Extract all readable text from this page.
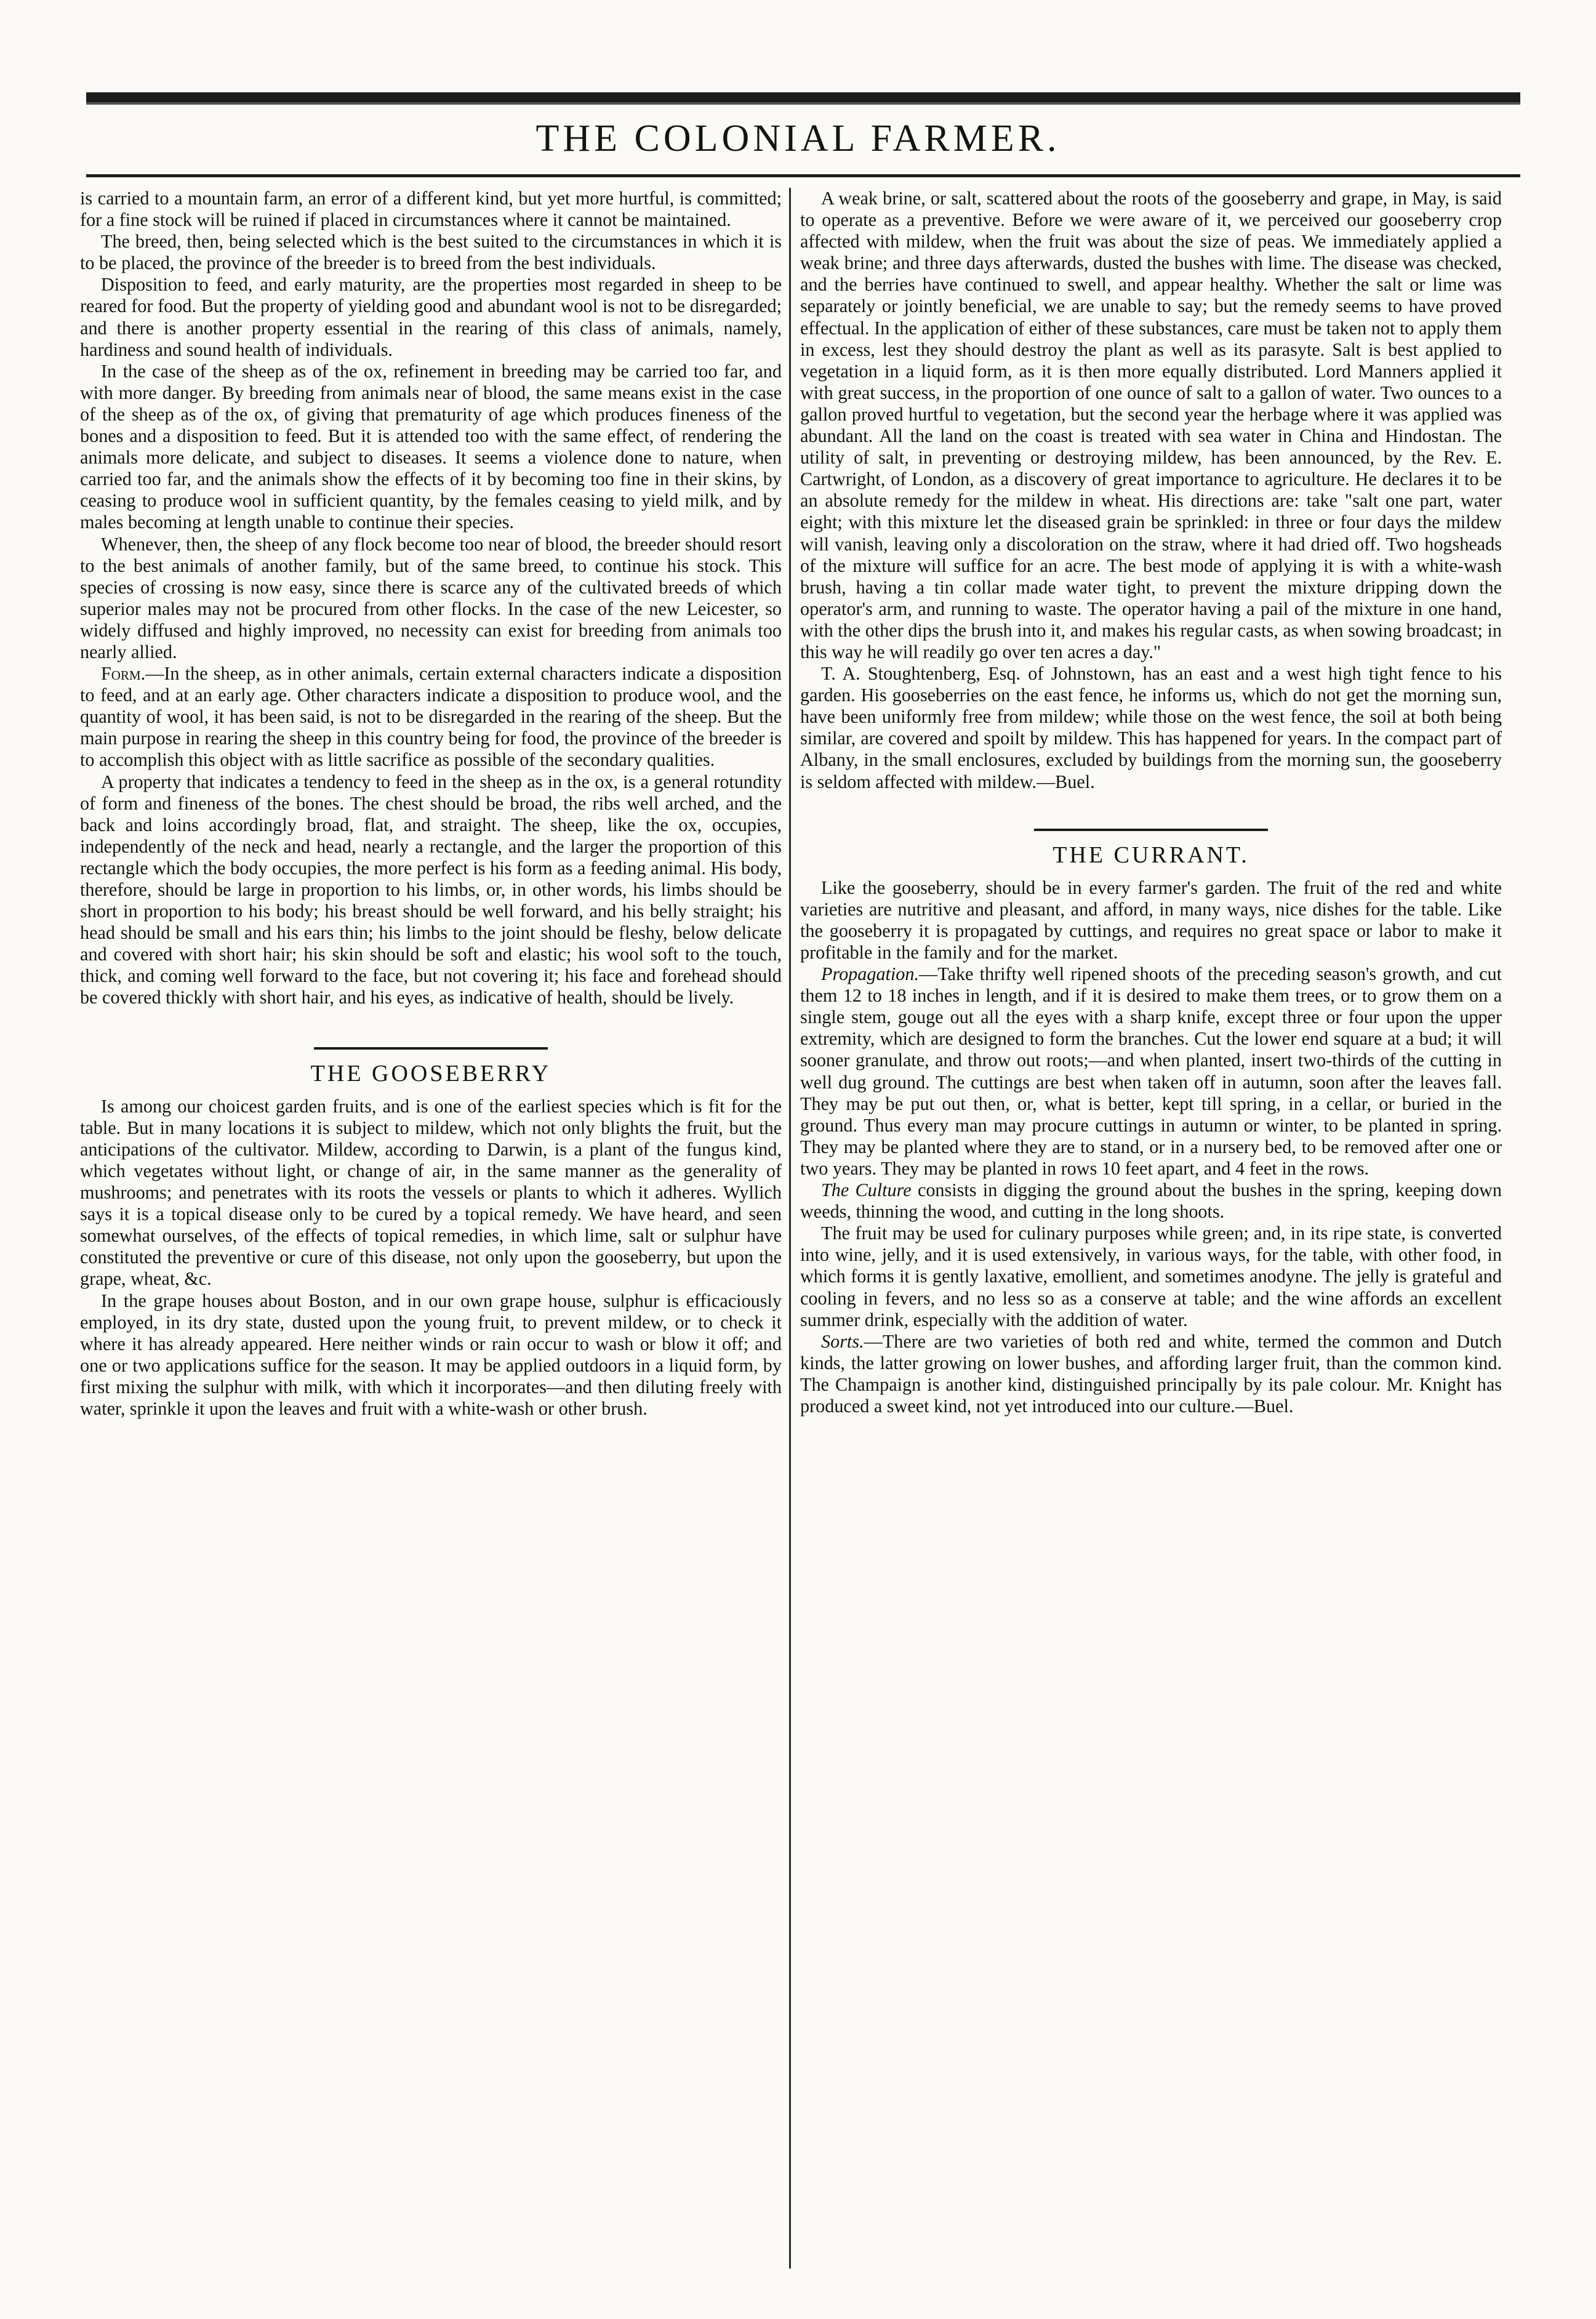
THE COLONIAL FARMER.

is carried to a mountain farm, an error of a different kind, but yet more hurtful, is committed; for a fine stock will be ruined if placed in circumstances where it cannot be maintained.

The breed, then, being selected which is the best suited to the circumstances in which it is to be placed, the province of the breeder is to breed from the best individuals.

Disposition to feed, and early maturity, are the properties most regarded in sheep to be reared for food. But the property of yielding good and abundant wool is not to be disregarded; and there is another property essential in the rearing of this class of animals, namely, hardiness and sound health of individuals.

In the case of the sheep as of the ox, refinement in breeding may be carried too far, and with more danger. By breeding from animals near of blood, the same means exist in the case of the sheep as of the ox, of giving that prematurity of age which produces fineness of the bones and a disposition to feed. But it is attended too with the same effect, of rendering the animals more delicate, and subject to diseases. It seems a violence done to nature, when carried too far, and the animals show the effects of it by becoming too fine in their skins, by ceasing to produce wool in sufficient quantity, by the females ceasing to yield milk, and by males becoming at length unable to continue their species.

Whenever, then, the sheep of any flock become too near of blood, the breeder should resort to the best animals of another family, but of the same breed, to continue his stock. This species of crossing is now easy, since there is scarce any of the cultivated breeds of which superior males may not be procured from other flocks. In the case of the new Leicester, so widely diffused and highly improved, no necessity can exist for breeding from animals too nearly allied.

Form.—In the sheep, as in other animals, certain external characters indicate a disposition to feed, and at an early age. Other characters indicate a disposition to produce wool, and the quantity of wool, it has been said, is not to be disregarded in the rearing of the sheep. But the main purpose in rearing the sheep in this country being for food, the province of the breeder is to accomplish this object with as little sacrifice as possible of the secondary qualities.

A property that indicates a tendency to feed in the sheep as in the ox, is a general rotundity of form and fineness of the bones. The chest should be broad, the ribs well arched, and the back and loins accordingly broad, flat, and straight. The sheep, like the ox, occupies, independently of the neck and head, nearly a rectangle, and the larger the proportion of this rectangle which the body occupies, the more perfect is his form as a feeding animal. His body, therefore, should be large in proportion to his limbs, or, in other words, his limbs should be short in proportion to his body; his breast should be well forward, and his belly straight; his head should be small and his ears thin; his limbs to the joint should be fleshy, below delicate and covered with short hair; his skin should be soft and elastic; his wool soft to the touch, thick, and coming well forward to the face, but not covering it; his face and forehead should be covered thickly with short hair, and his eyes, as indicative of health, should be lively.

THE GOOSEBERRY

Is among our choicest garden fruits, and is one of the earliest species which is fit for the table. But in many locations it is subject to mildew, which not only blights the fruit, but the anticipations of the cultivator. Mildew, according to Darwin, is a plant of the fungus kind, which vegetates without light, or change of air, in the same manner as the generality of mushrooms; and penetrates with its roots the vessels or plants to which it adheres. Wyllich says it is a topical disease only to be cured by a topical remedy. We have heard, and seen somewhat ourselves, of the effects of topical remedies, in which lime, salt or sulphur have constituted the preventive or cure of this disease, not only upon the gooseberry, but upon the grape, wheat, &c.

In the grape houses about Boston, and in our own grape house, sulphur is efficaciously employed, in its dry state, dusted upon the young fruit, to prevent mildew, or to check it where it has already appeared. Here neither winds or rain occur to wash or blow it off; and one or two applications suffice for the season. It may be applied outdoors in a liquid form, by first mixing the sulphur with milk, with which it incorporates—and then diluting freely with water, sprinkle it upon the leaves and fruit with a white-wash or other brush.

A weak brine, or salt, scattered about the roots of the gooseberry and grape, in May, is said to operate as a preventive. Before we were aware of it, we perceived our gooseberry crop affected with mildew, when the fruit was about the size of peas. We immediately applied a weak brine; and three days afterwards, dusted the bushes with lime. The disease was checked, and the berries have continued to swell, and appear healthy. Whether the salt or lime was separately or jointly beneficial, we are unable to say; but the remedy seems to have proved effectual. In the application of either of these substances, care must be taken not to apply them in excess, lest they should destroy the plant as well as its parasyte. Salt is best applied to vegetation in a liquid form, as it is then more equally distributed. Lord Manners applied it with great success, in the proportion of one ounce of salt to a gallon of water. Two ounces to a gallon proved hurtful to vegetation, but the second year the herbage where it was applied was abundant. All the land on the coast is treated with sea water in China and Hindostan. The utility of salt, in preventing or destroying mildew, has been announced, by the Rev. E. Cartwright, of London, as a discovery of great importance to agriculture. He declares it to be an absolute remedy for the mildew in wheat. His directions are: take "salt one part, water eight; with this mixture let the diseased grain be sprinkled: in three or four days the mildew will vanish, leaving only a discoloration on the straw, where it had dried off. Two hogsheads of the mixture will suffice for an acre. The best mode of applying it is with a white-wash brush, having a tin collar made water tight, to prevent the mixture dripping down the operator's arm, and running to waste. The operator having a pail of the mixture in one hand, with the other dips the brush into it, and makes his regular casts, as when sowing broadcast; in this way he will readily go over ten acres a day."

T. A. Stoughtenberg, Esq. of Johnstown, has an east and a west high tight fence to his garden. His gooseberries on the east fence, he informs us, which do not get the morning sun, have been uniformly free from mildew; while those on the west fence, the soil at both being similar, are covered and spoilt by mildew. This has happened for years. In the compact part of Albany, in the small enclosures, excluded by buildings from the morning sun, the gooseberry is seldom affected with mildew.—Buel.

THE CURRANT.

Like the gooseberry, should be in every farmer's garden. The fruit of the red and white varieties are nutritive and pleasant, and afford, in many ways, nice dishes for the table. Like the gooseberry it is propagated by cuttings, and requires no great space or labor to make it profitable in the family and for the market.

Propagation.—Take thrifty well ripened shoots of the preceding season's growth, and cut them 12 to 18 inches in length, and if it is desired to make them trees, or to grow them on a single stem, gouge out all the eyes with a sharp knife, except three or four upon the upper extremity, which are designed to form the branches. Cut the lower end square at a bud; it will sooner granulate, and throw out roots;—and when planted, insert two-thirds of the cutting in well dug ground. The cuttings are best when taken off in autumn, soon after the leaves fall. They may be put out then, or, what is better, kept till spring, in a cellar, or buried in the ground. Thus every man may procure cuttings in autumn or winter, to be planted in spring. They may be planted where they are to stand, or in a nursery bed, to be removed after one or two years. They may be planted in rows 10 feet apart, and 4 feet in the rows.

The Culture consists in digging the ground about the bushes in the spring, keeping down weeds, thinning the wood, and cutting in the long shoots.

The fruit may be used for culinary purposes while green; and, in its ripe state, is converted into wine, jelly, and it is used extensively, in various ways, for the table, with other food, in which forms it is gently laxative, emollient, and sometimes anodyne. The jelly is grateful and cooling in fevers, and no less so as a conserve at table; and the wine affords an excellent summer drink, especially with the addition of water.

Sorts.—There are two varieties of both red and white, termed the common and Dutch kinds, the latter growing on lower bushes, and affording larger fruit, than the common kind. The Champaign is another kind, distinguished principally by its pale colour. Mr. Knight has produced a sweet kind, not yet introduced into our culture.—Buel.
